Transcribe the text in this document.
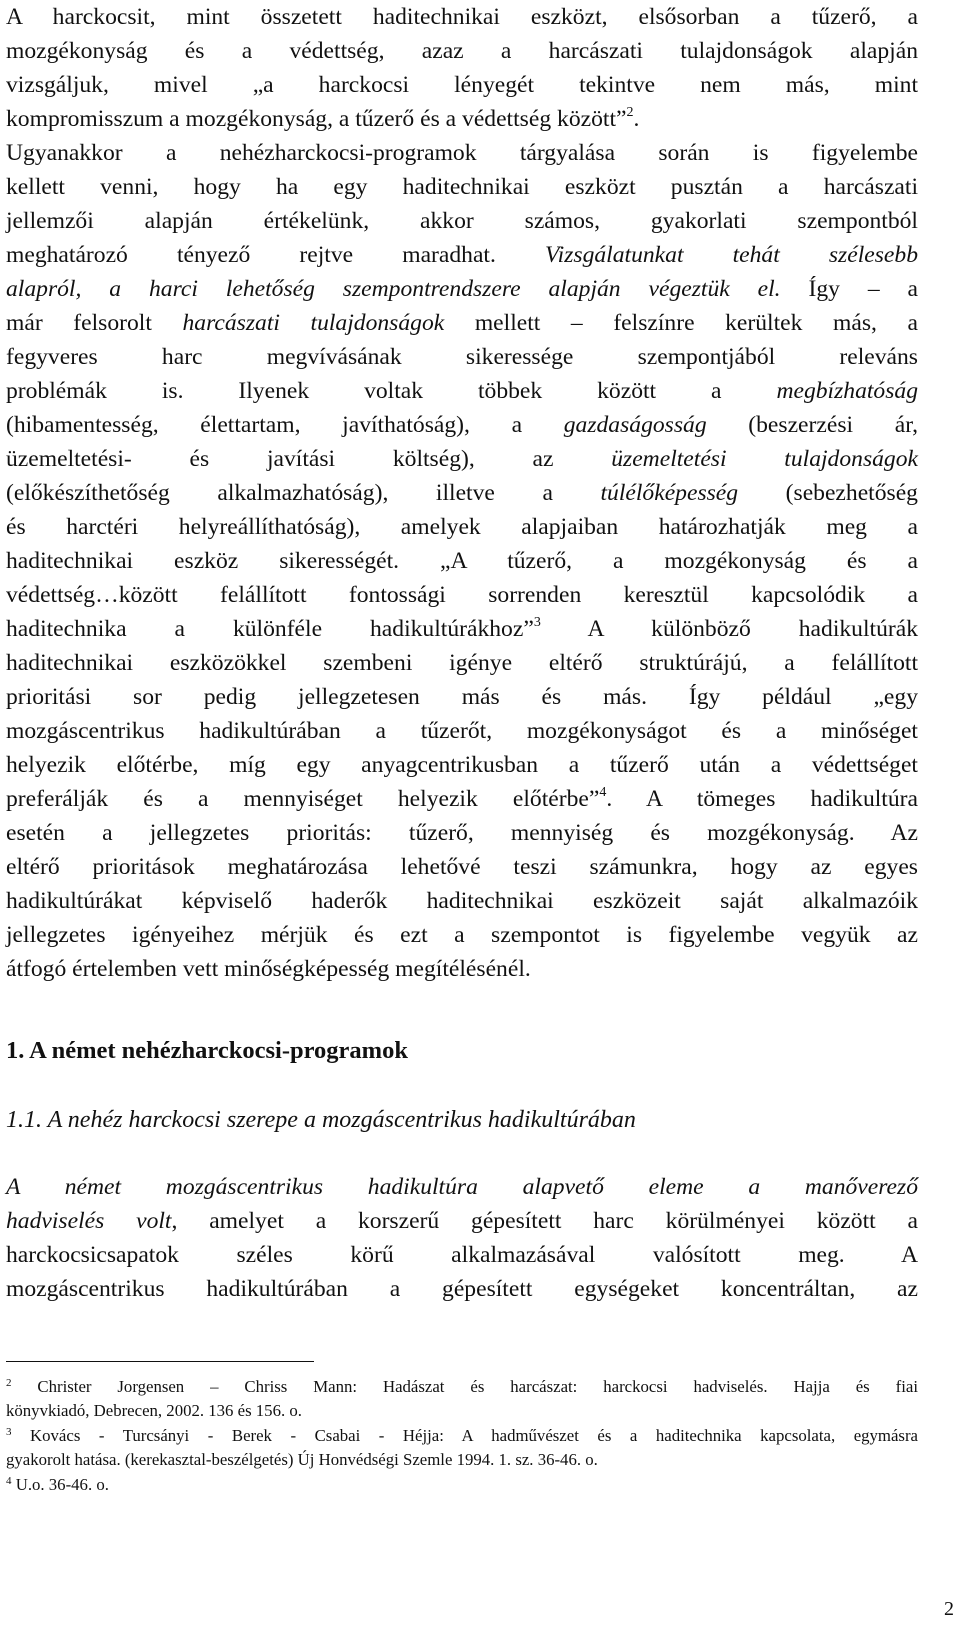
A harckocsit, mint összetett haditechnikai eszközt, elsősorban a tűzerő, a
mozgékonyság és a védettség, azaz a harcászati tulajdonságok alapján
vizsgáljuk, mivel „a harckocsi lényegét tekintve nem más, mint
kompromisszum a mozgékonyság, a tűzerő és a védettség között”$^2$.
Ugyanakkor a nehézharckocsi-programok tárgyalása során is figyelembe
kellett venni, hogy ha egy haditechnikai eszközt pusztán a harcászati
jellemzői alapján értékelünk, akkor számos, gyakorlati szempontból
meghatározó tényező rejtve maradhat. Vizsgálatunkat tehát szélesebb
alapról, a harci lehetőség szempontrendszere alapján végeztük el. Így – a
már felsorolt harcászati tulajdonságok mellett – felszínre kerültek más, a
fegyveres harc megvívásának sikeressége szempontjából releváns
problémák is. Ilyenek voltak többek között a megbízhatóság
(hibamentesség, élettartam, javíthatóság), a gazdaságosság (beszerzési ár,
üzemeltetési- és javítási költség), az üzemeltetési tulajdonságok
(előkészíthetőség alkalmazhatóság), illetve a túlélőképesség (sebezhetőség
és harctéri helyreállíthatóság), amelyek alapjaiban határozhatják meg a
haditechnikai eszköz sikerességét. „A tűzerő, a mozgékonyság és a
védettség…között felállított fontossági sorrenden keresztül kapcsolódik a
haditechnika a különféle hadikultúrákhoz”$^3$ A különböző hadikultúrák
haditechnikai eszközökkel szembeni igénye eltérő struktúrájú, a felállított
prioritási sor pedig jellegzetesen más és más. Így például „egy
mozgáscentrikus hadikultúrában a tűzerőt, mozgékonyságot és a minőséget
helyezik előtérbe, míg egy anyagcentrikusban a tűzerő után a védettséget
preferálják és a mennyiséget helyezik előtérbe”$^4$. A tömeges hadikultúra
esetén a jellegzetes prioritás: tűzerő, mennyiség és mozgékonyság. Az
eltérő prioritások meghatározása lehetővé teszi számunkra, hogy az egyes
hadikultúrákat képviselő haderők haditechnikai eszközeit saját alkalmazóik
jellegzetes igényeihez mérjük és ezt a szempontot is figyelembe vegyük az
átfogó értelemben vett minőségképesség megítélésénél.
1. A német nehézharckocsi-programok
1.1. A nehéz harckocsi szerepe a mozgáscentrikus hadikultúrában
A német mozgáscentrikus hadikultúra alapvető eleme a manőverező
hadviselés volt, amelyet a korszerű gépesített harc körülményei között a
harckocsicsapatok széles körű alkalmazásával valósított meg. A
mozgáscentrikus hadikultúrában a gépesített egységeket koncentráltan, az
$^2$ Christer Jorgensen – Chriss Mann: Hadászat és harcászat: harckocsi hadviselés. Hajja és fiai
könyvkiadó, Debrecen, 2002. 136 és 156. o.
$^3$ Kovács - Turcsányi - Berek - Csabai - Héjja: A hadművészet és a haditechnika kapcsolata, egymásra
gyakorolt hatása. (kerekasztal-beszélgetés) Új Honvédségi Szemle 1994. 1. sz. 36-46. o.
$^4$ U.o. 36-46. o.
2
